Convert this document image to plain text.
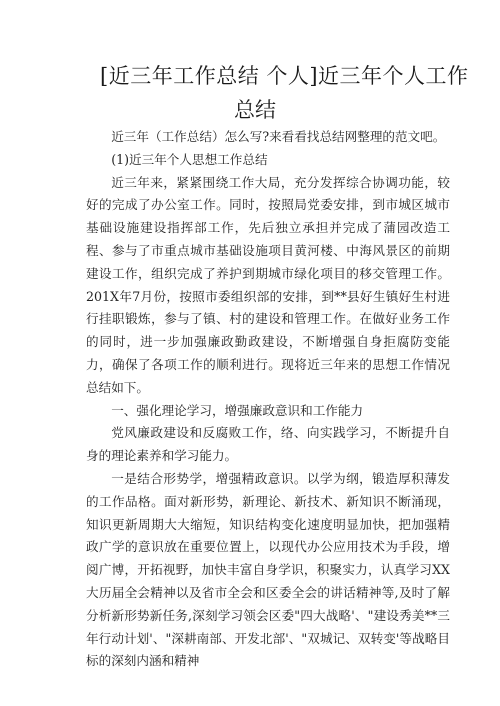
[近三年工作总结 个人]近三年个人工作
总结

近三年（工作总结）怎么写?来看看找总结网整理的范文吧。

(1)近三年个人思想工作总结

近三年来，紧紧围绕工作大局，充分发挥综合协调功能，较好的完成了办公室工作。同时，按照局党委安排，到市城区城市基础设施建设指挥部工作，先后独立承担并完成了蒲园改造工程、参与了市重点城市基础设施项目黄河楼、中海风景区的前期建设工作，组织完成了养护到期城市绿化项目的移交管理工作。201X年7月份，按照市委组织部的安排，到**县好生镇好生村进行挂职锻炼，参与了镇、村的建设和管理工作。在做好业务工作的同时，进一步加强廉政勤政建设，不断增强自身拒腐防变能力，确保了各项工作的顺利进行。现将近三年来的思想工作情况总结如下。

一、强化理论学习，增强廉政意识和工作能力

党风廉政建设和反腐败工作，络、向实践学习，不断提升自身的理论素养和学习能力。

一是结合形势学，增强精政意识。以学为纲，锻造厚积薄发的工作品格。面对新形势，新理论、新技术、新知识不断涌现，知识更新周期大大缩短，知识结构变化速度明显加快，把加强精政广学的意识放在重要位置上，以现代办公应用技术为手段，增阅广博，开拓视野，加快丰富自身学识，积聚实力，认真学习XX大历届全会精神以及省市全会和区委全会的讲话精神等,及时了解分析新形势新任务,深刻学习领会区委"四大战略'、"建设秀美**三年行动计划'、"深耕南部、开发北部'、"双城记、双转变'等战略目标的深刻内涵和精神
